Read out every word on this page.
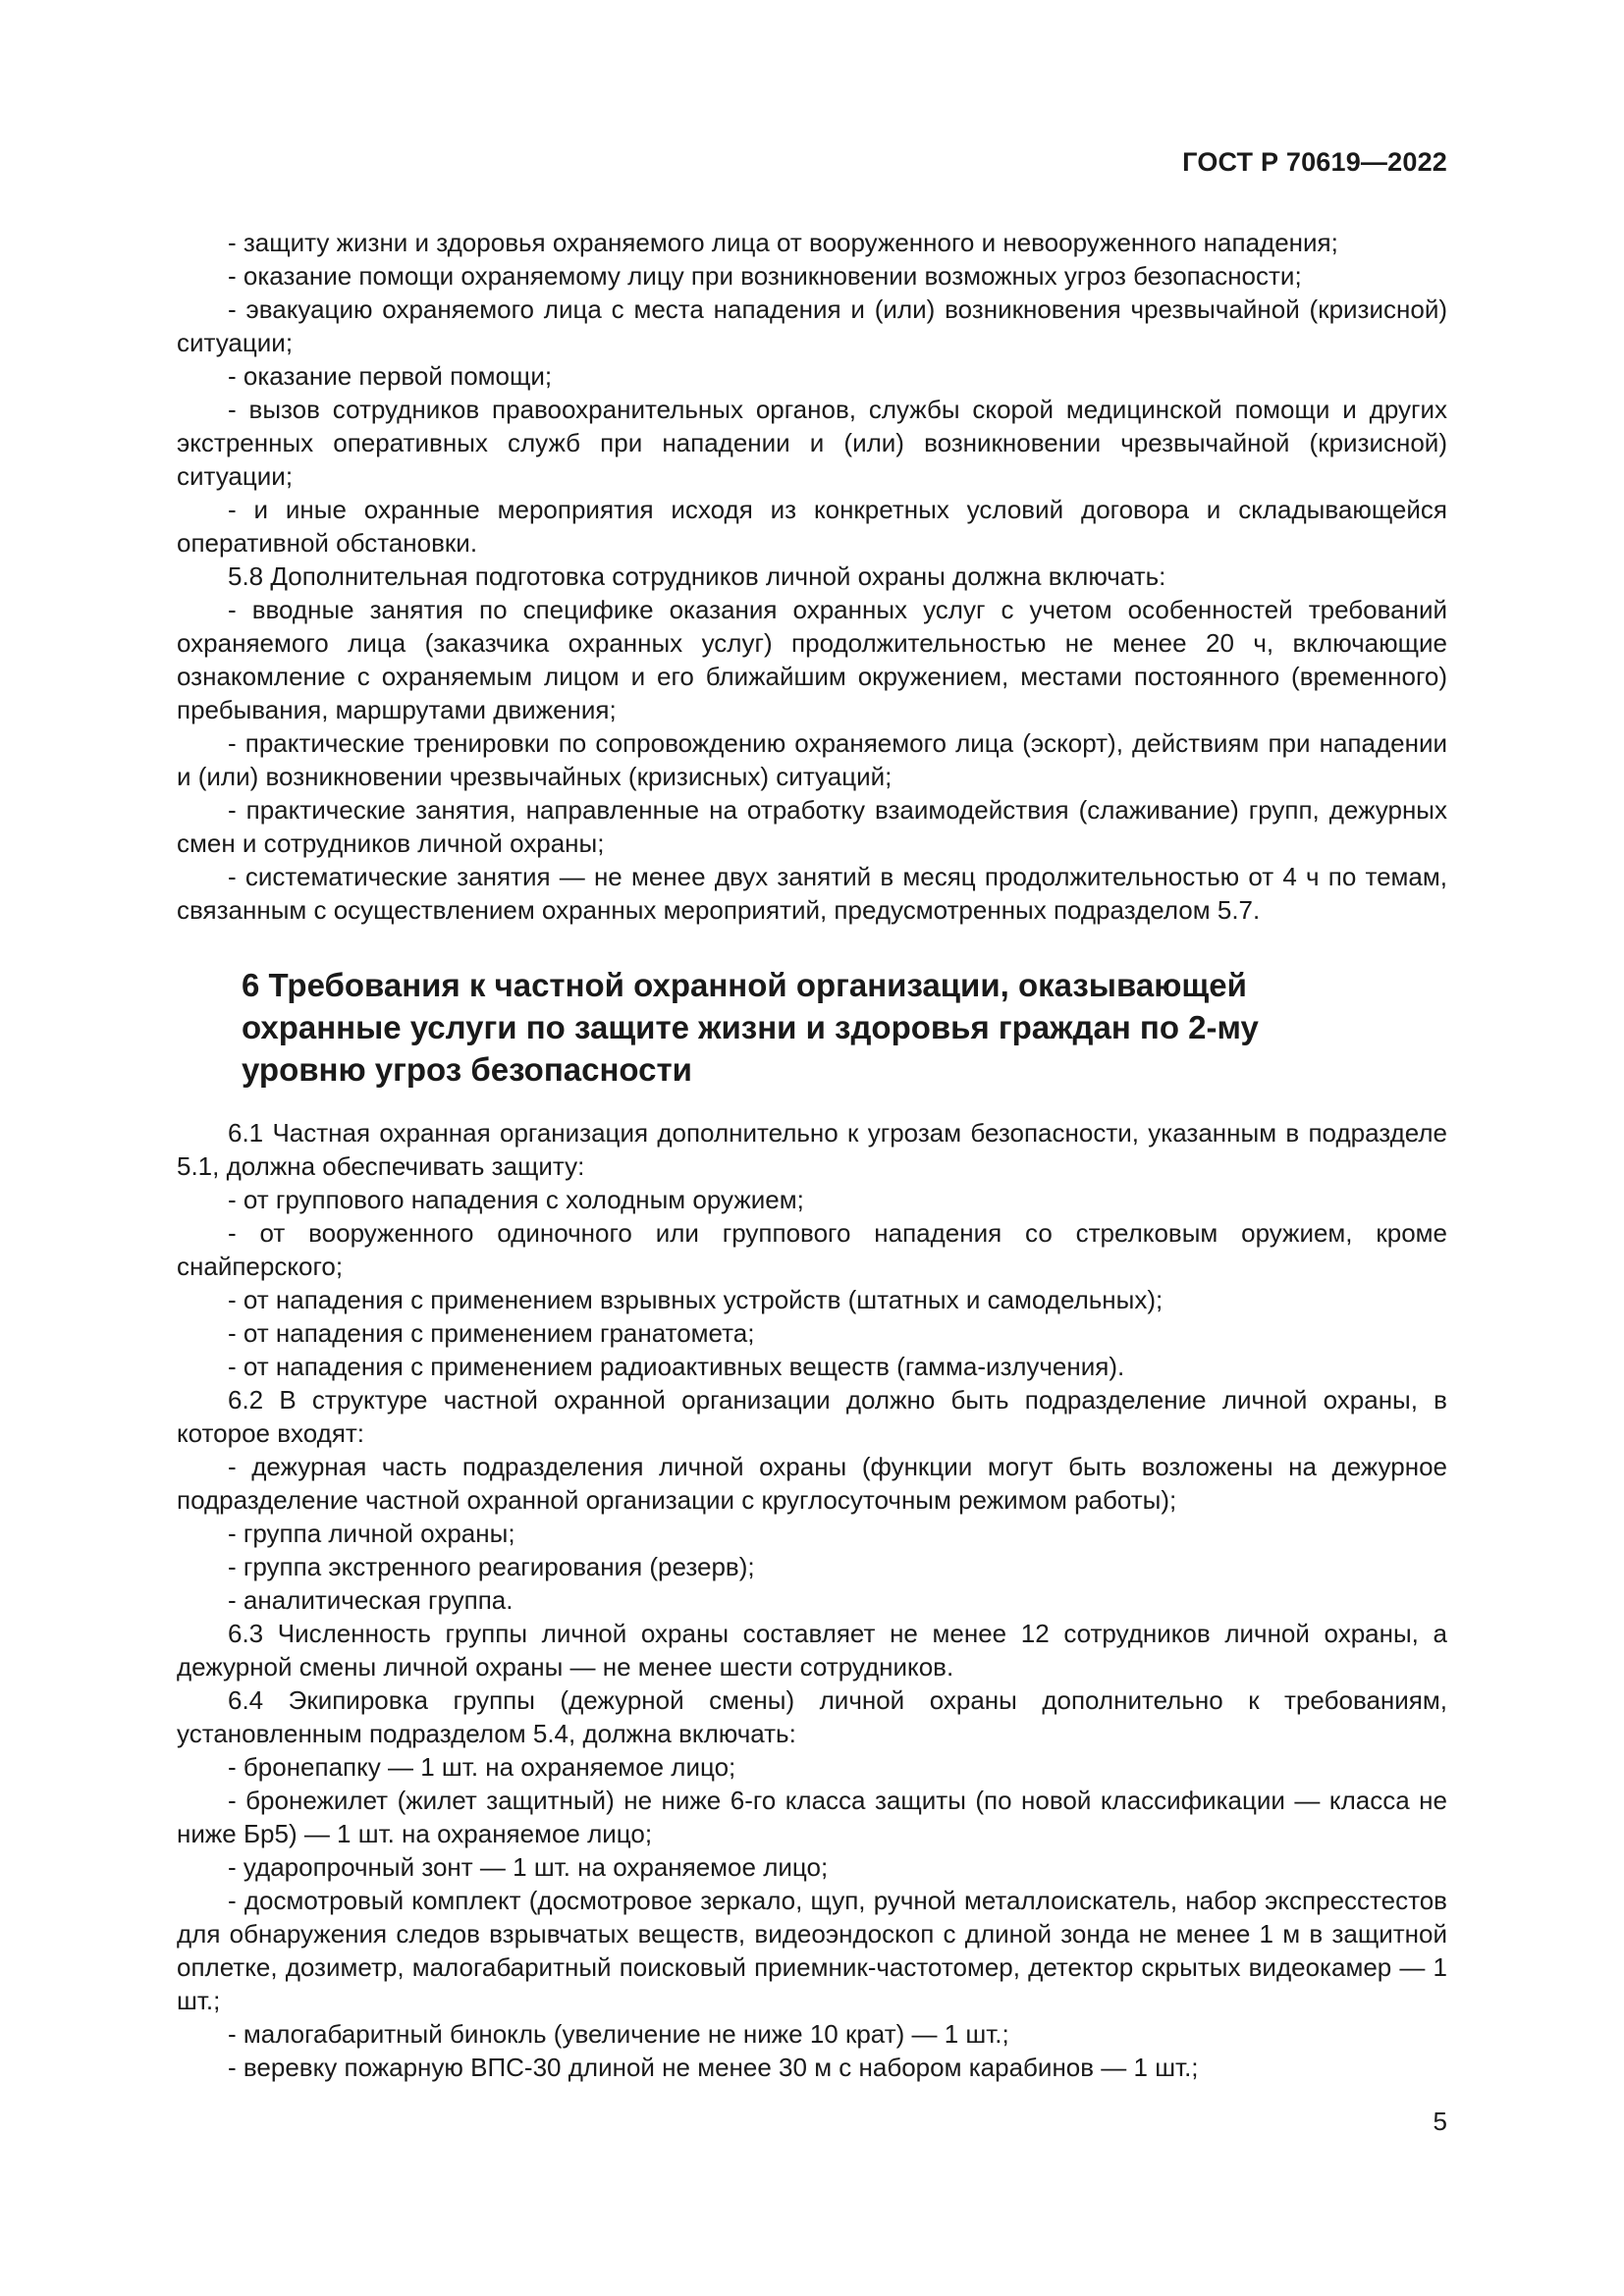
ГОСТ Р 70619—2022

- защиту жизни и здоровья охраняемого лица от вооруженного и невооруженного нападения;

- оказание помощи охраняемому лицу при возникновении возможных угроз безопасности;

- эвакуацию охраняемого лица с места нападения и (или) возникновения чрезвычайной (кризисной) ситуации;

- оказание первой помощи;

- вызов сотрудников правоохранительных органов, службы скорой медицинской помощи и других экстренных оперативных служб при нападении и (или) возникновении чрезвычайной (кризисной) ситуации;

- и иные охранные мероприятия исходя из конкретных условий договора и складывающейся оперативной обстановки.

5.8 Дополнительная подготовка сотрудников личной охраны должна включать:

- вводные занятия по специфике оказания охранных услуг с учетом особенностей требований охраняемого лица (заказчика охранных услуг) продолжительностью не менее 20 ч, включающие ознакомление с охраняемым лицом и его ближайшим окружением, местами постоянного (временного) пребывания, маршрутами движения;

- практические тренировки по сопровождению охраняемого лица (эскорт), действиям при нападении и (или) возникновении чрезвычайных (кризисных) ситуаций;

- практические занятия, направленные на отработку взаимодействия (слаживание) групп, дежурных смен и сотрудников личной охраны;

- систематические занятия — не менее двух занятий в месяц продолжительностью от 4 ч по темам, связанным с осуществлением охранных мероприятий, предусмотренных подразделом 5.7.

6 Требования к частной охранной организации, оказывающей охранные услуги по защите жизни и здоровья граждан по 2-му уровню угроз безопасности

6.1 Частная охранная организация дополнительно к угрозам безопасности, указанным в подразделе 5.1, должна обеспечивать защиту:

- от группового нападения с холодным оружием;

- от вооруженного одиночного или группового нападения со стрелковым оружием, кроме снайперского;

- от нападения с применением взрывных устройств (штатных и самодельных);

- от нападения с применением гранатомета;

- от нападения с применением радиоактивных веществ (гамма-излучения).

6.2 В структуре частной охранной организации должно быть подразделение личной охраны, в которое входят:

- дежурная часть подразделения личной охраны (функции могут быть возложены на дежурное подразделение частной охранной организации с круглосуточным режимом работы);

- группа личной охраны;

- группа экстренного реагирования (резерв);

- аналитическая группа.

6.3 Численность группы личной охраны составляет не менее 12 сотрудников личной охраны, а дежурной смены личной охраны — не менее шести сотрудников.

6.4 Экипировка группы (дежурной смены) личной охраны дополнительно к требованиям, установленным подразделом 5.4, должна включать:

- бронепапку — 1 шт. на охраняемое лицо;

- бронежилет (жилет защитный) не ниже 6-го класса защиты (по новой классификации — класса не ниже Бр5) — 1 шт. на охраняемое лицо;

- ударопрочный зонт — 1 шт. на охраняемое лицо;

- досмотровый комплект (досмотровое зеркало, щуп, ручной металлоискатель, набор экспресстестов для обнаружения следов взрывчатых веществ, видеоэндоскоп с длиной зонда не менее 1 м в защитной оплетке, дозиметр, малогабаритный поисковый приемник-частотомер, детектор скрытых видеокамер — 1 шт.;

- малогабаритный бинокль (увеличение не ниже 10 крат) — 1 шт.;

- веревку пожарную ВПС-30 длиной не менее 30 м с набором карабинов — 1 шт.;

5
